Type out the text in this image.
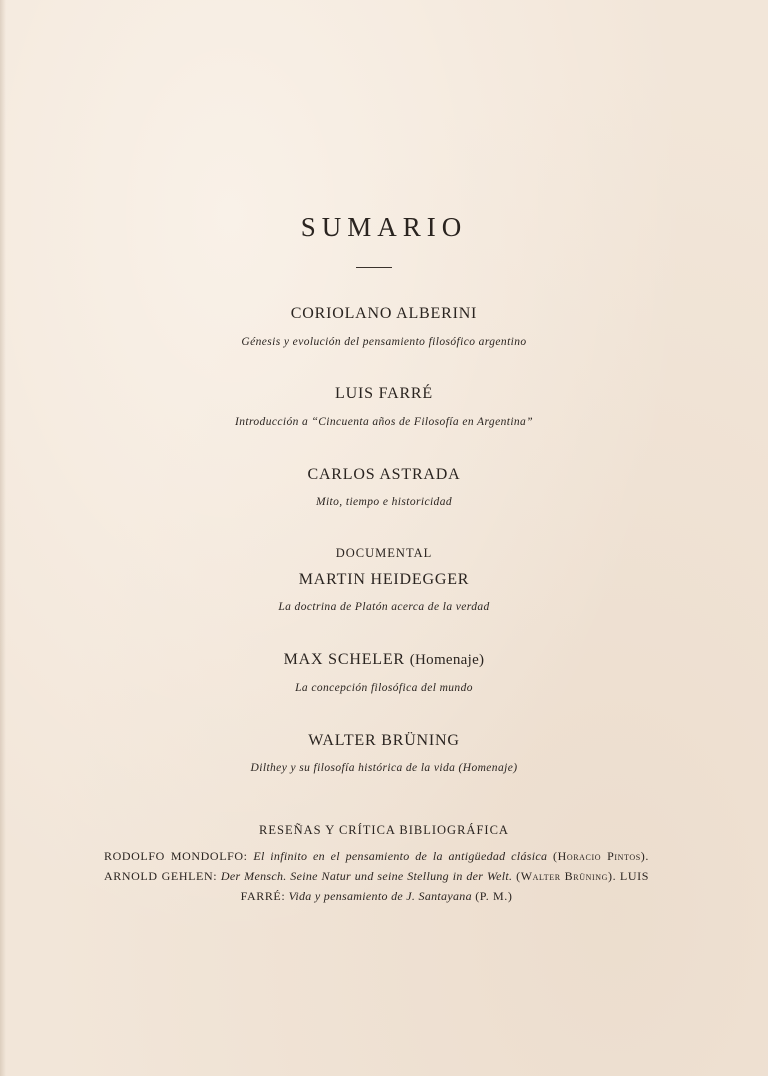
SUMARIO
CORIOLANO ALBERINI
Génesis y evolución del pensamiento filosófico argentino
LUIS FARRÉ
Introducción a “Cincuenta años de Filosofía en Argentina”
CARLOS ASTRADA
Mito, tiempo e historicidad
DOCUMENTAL
MARTIN HEIDEGGER
La doctrina de Platón acerca de la verdad
MAX SCHELER (Homenaje)
La concepción filosófica del mundo
WALTER BRÜNING
Dilthey y su filosofía histórica de la vida (Homenaje)
RESEÑAS Y CRÍTICA BIBLIOGRÁFICA
RODOLFO MONDOLFO: El infinito en el pensamiento de la antigüedad clásica (Horacio Pintos). ARNOLD GEHLEN: Der Mensch. Seine Natur und seine Stellung in der Welt. (Walter Brüning). LUIS FARRÉ: Vida y pensamiento de J. Santayana (P. M.)
